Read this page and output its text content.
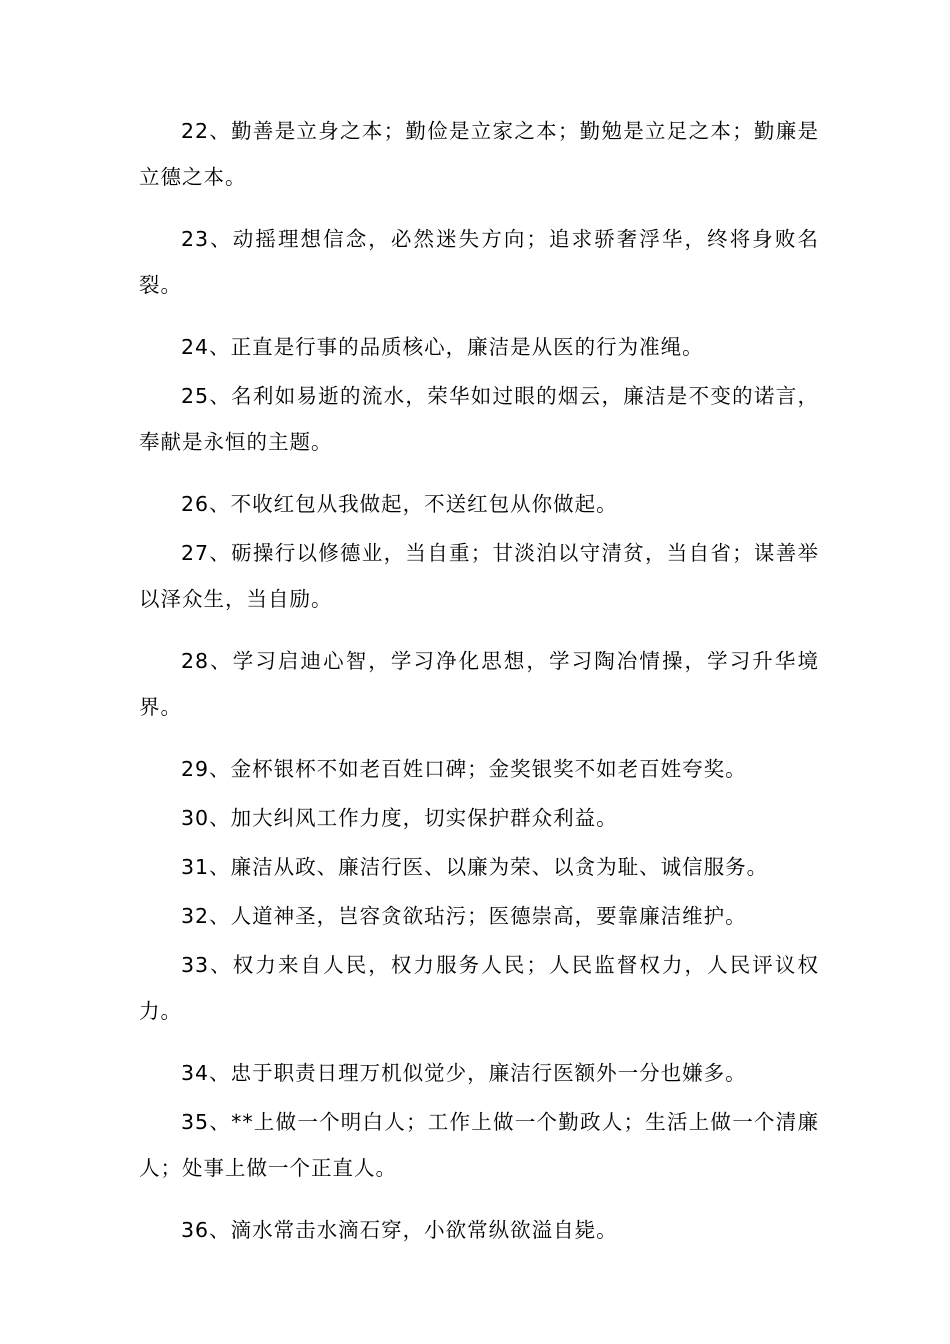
22、勤善是立身之本；勤俭是立家之本；勤勉是立足之本；勤廉是立德之本。

23、动摇理想信念，必然迷失方向；追求骄奢浮华，终将身败名裂。

24、正直是行事的品质核心，廉洁是从医的行为准绳。

25、名利如易逝的流水，荣华如过眼的烟云，廉洁是不变的诺言，奉献是永恒的主题。

26、不收红包从我做起，不送红包从你做起。

27、砺操行以修德业，当自重；甘淡泊以守清贫，当自省；谋善举以泽众生，当自励。

28、学习启迪心智，学习净化思想，学习陶冶情操，学习升华境界。

29、金杯银杯不如老百姓口碑；金奖银奖不如老百姓夸奖。

30、加大纠风工作力度，切实保护群众利益。

31、廉洁从政、廉洁行医、以廉为荣、以贪为耻、诚信服务。

32、人道神圣，岂容贪欲玷污；医德崇高，要靠廉洁维护。

33、权力来自人民，权力服务人民；人民监督权力，人民评议权力。

34、忠于职责日理万机似觉少，廉洁行医额外一分也嫌多。

35、**上做一个明白人；工作上做一个勤政人；生活上做一个清廉人；处事上做一个正直人。

36、滴水常击水滴石穿，小欲常纵欲溢自毙。
